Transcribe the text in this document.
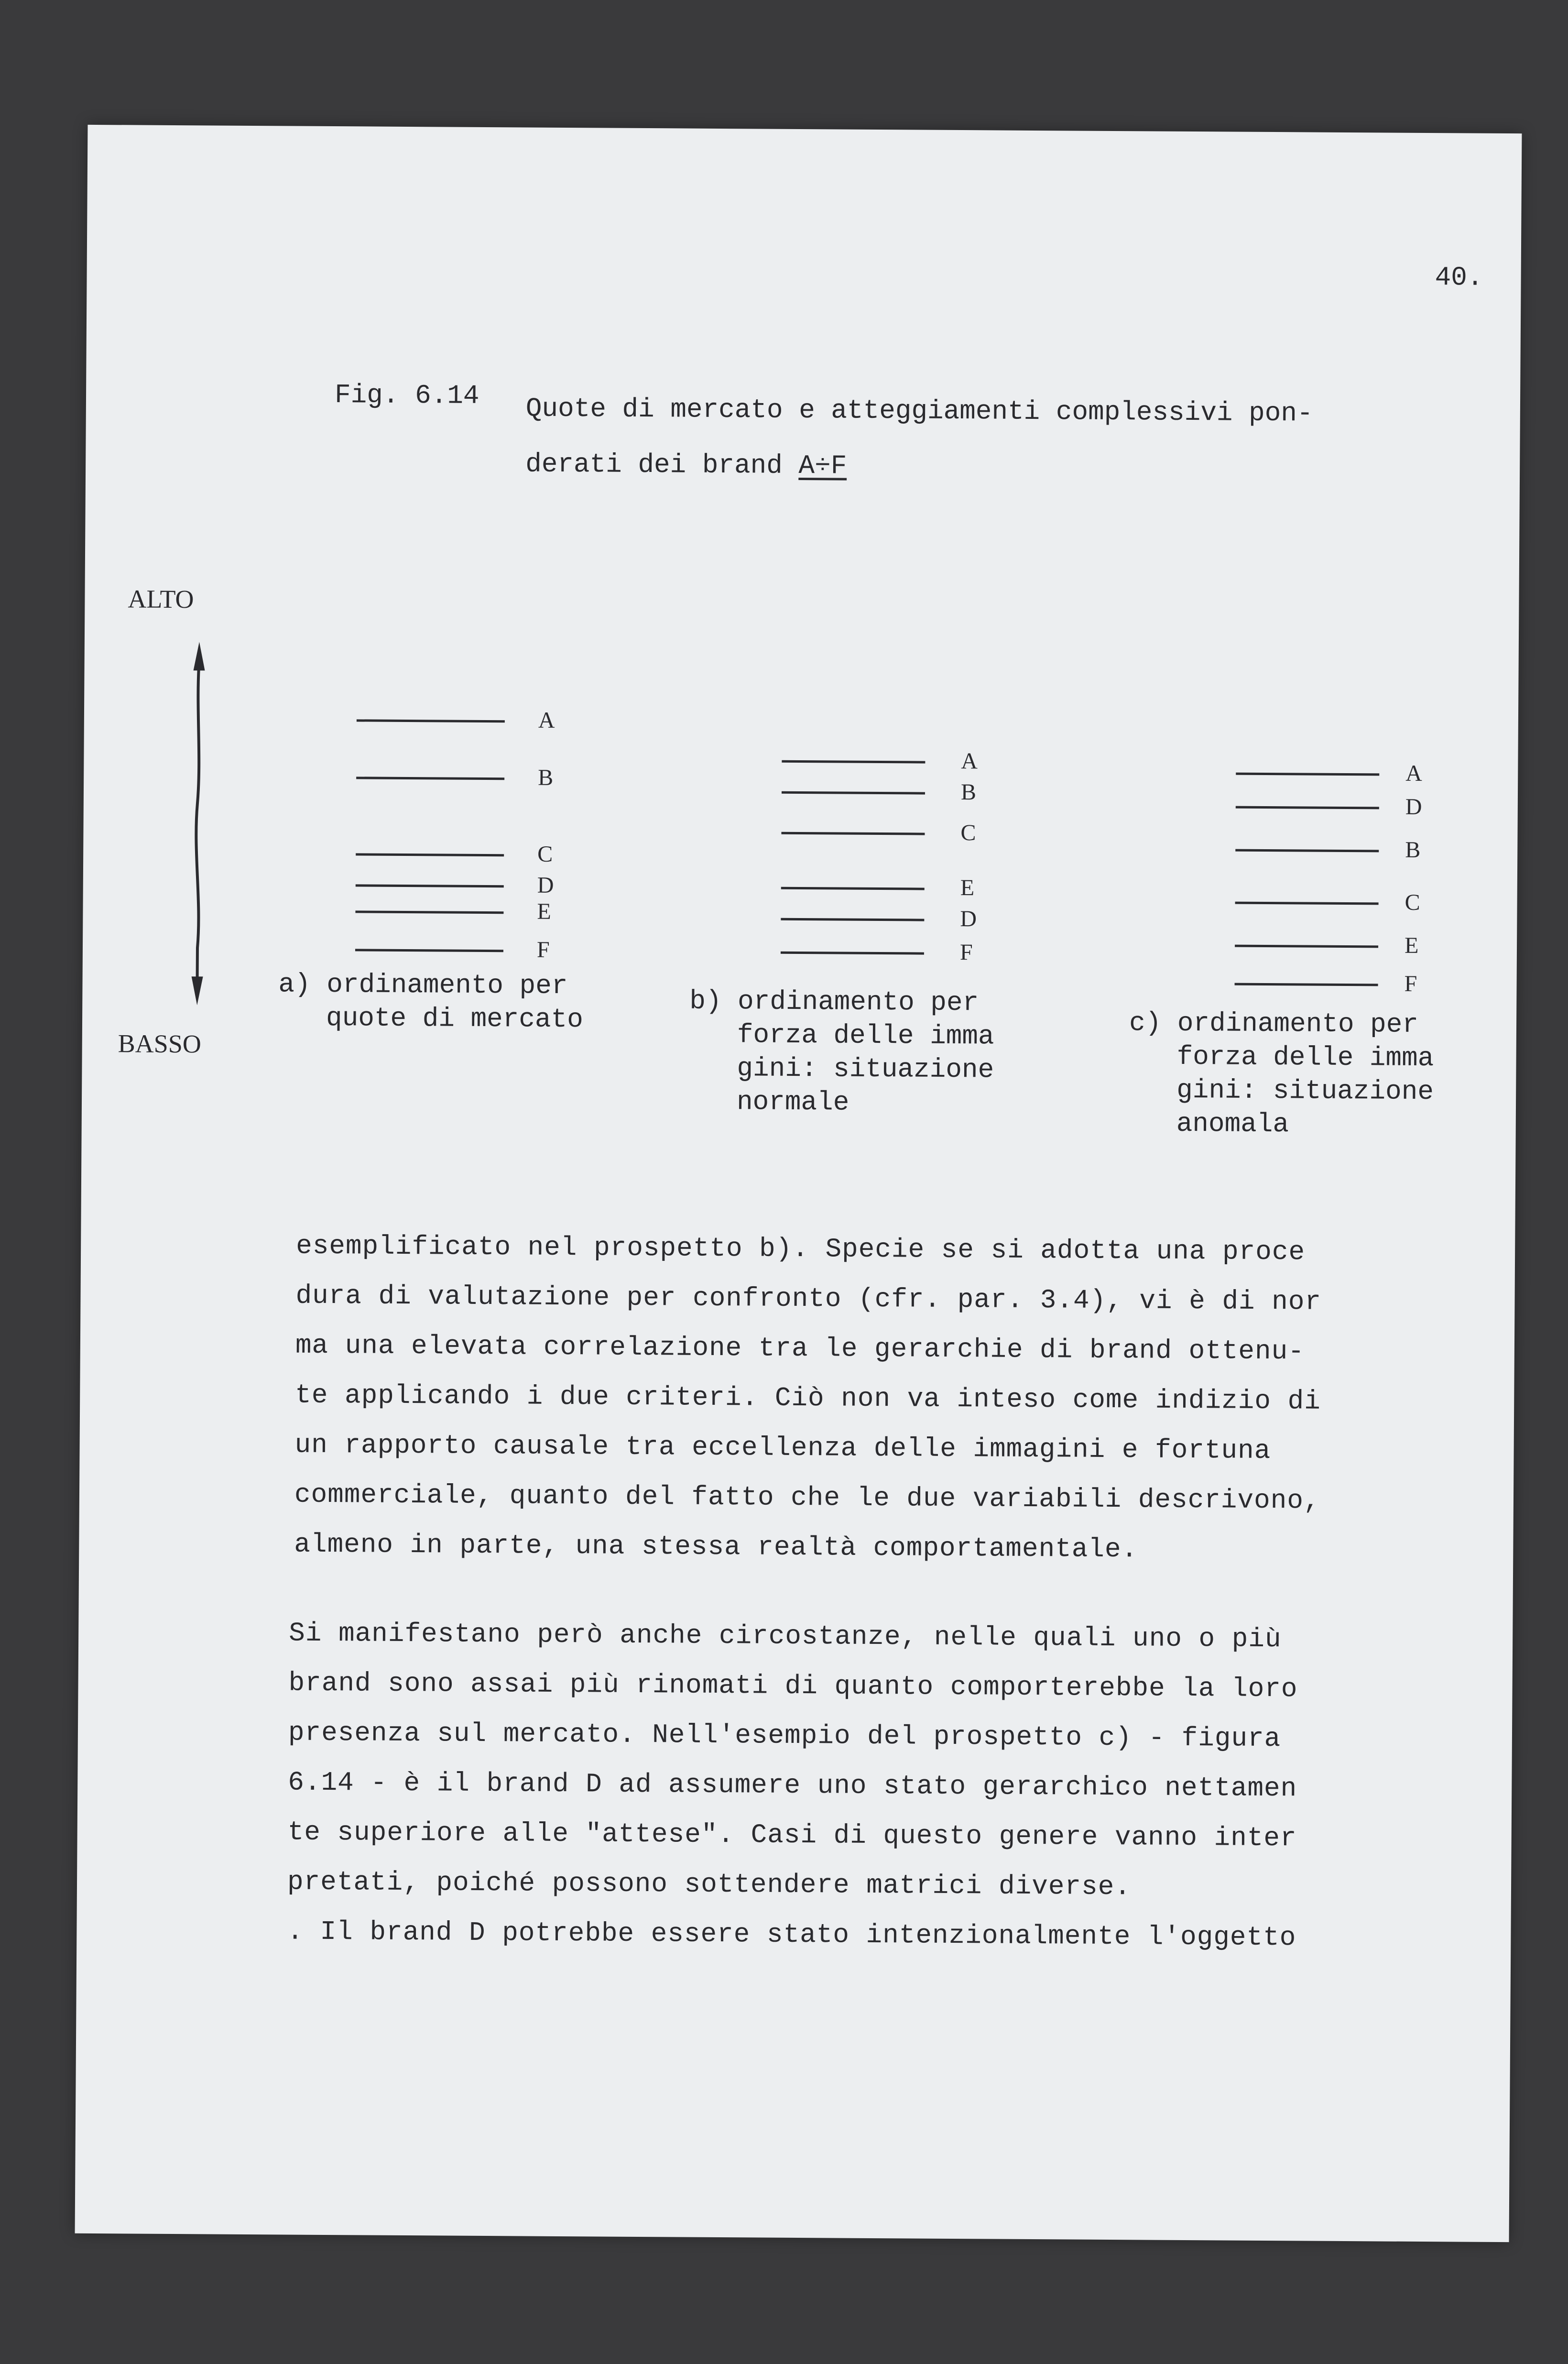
40.
Fig. 6.14 Quote di mercato e atteggiamenti complessivi pon-
derati dei brand A÷F
ALTO
BASSO
A
B
C
D
E
F
A
B
C
E
D
F
A
D
B
C
E
F
a) ordinamento per
quote di mercato
b) ordinamento per
forza delle imma
gini: situazione
normale
c) ordinamento per
forza delle imma
gini: situazione
anomala
esemplificato nel prospetto b). Specie se si adotta una proce
dura di valutazione per confronto (cfr. par. 3.4), vi è di nor
ma una elevata correlazione tra le gerarchie di brand ottenu-
te applicando i due criteri. Ciò non va inteso come indizio di
un rapporto causale tra eccellenza delle immagini e fortuna
commerciale, quanto del fatto che le due variabili descrivono,
almeno in parte, una stessa realtà comportamentale.
Si manifestano però anche circostanze, nelle quali uno o più
brand sono assai più rinomati di quanto comporterebbe la loro
presenza sul mercato. Nell'esempio del prospetto c) - figura
6.14 - è il brand D ad assumere uno stato gerarchico nettamen
te superiore alle "attese". Casi di questo genere vanno inter
pretati, poiché possono sottendere matrici diverse.
. Il brand D potrebbe essere stato intenzionalmente l'oggetto
